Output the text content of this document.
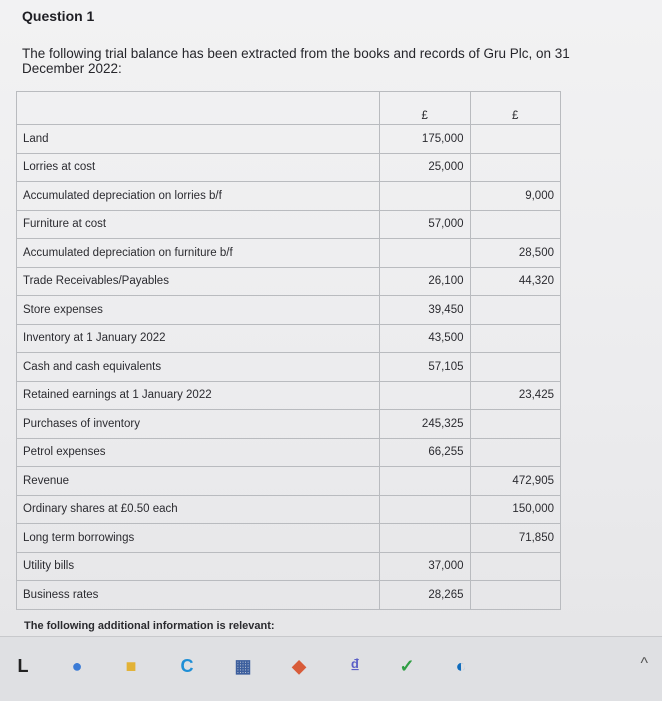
Question 1
The following trial balance has been extracted from the books and records of Gru Plc, on 31 December 2022:
	£	£
Land	175,000	
Lorries at cost	25,000	
Accumulated depreciation on lorries b/f		9,000
Furniture at cost	57,000	
Accumulated depreciation on furniture b/f		28,500
Trade Receivables/Payables	26,100	44,320
Store expenses	39,450	
Inventory at 1 January 2022	43,500	
Cash and cash equivalents	57,105	
Retained earnings at 1 January 2022		23,425
Purchases of inventory	245,325	
Petrol expenses	66,255	
Revenue		472,905
Ordinary shares at £0.50 each		150,000
Long term borrowings		71,850
Utility bills	37,000	
Business rates	28,265	
The following additional information is relevant:
L	●	■	C	▦	◆	₫	✓	◐	^
